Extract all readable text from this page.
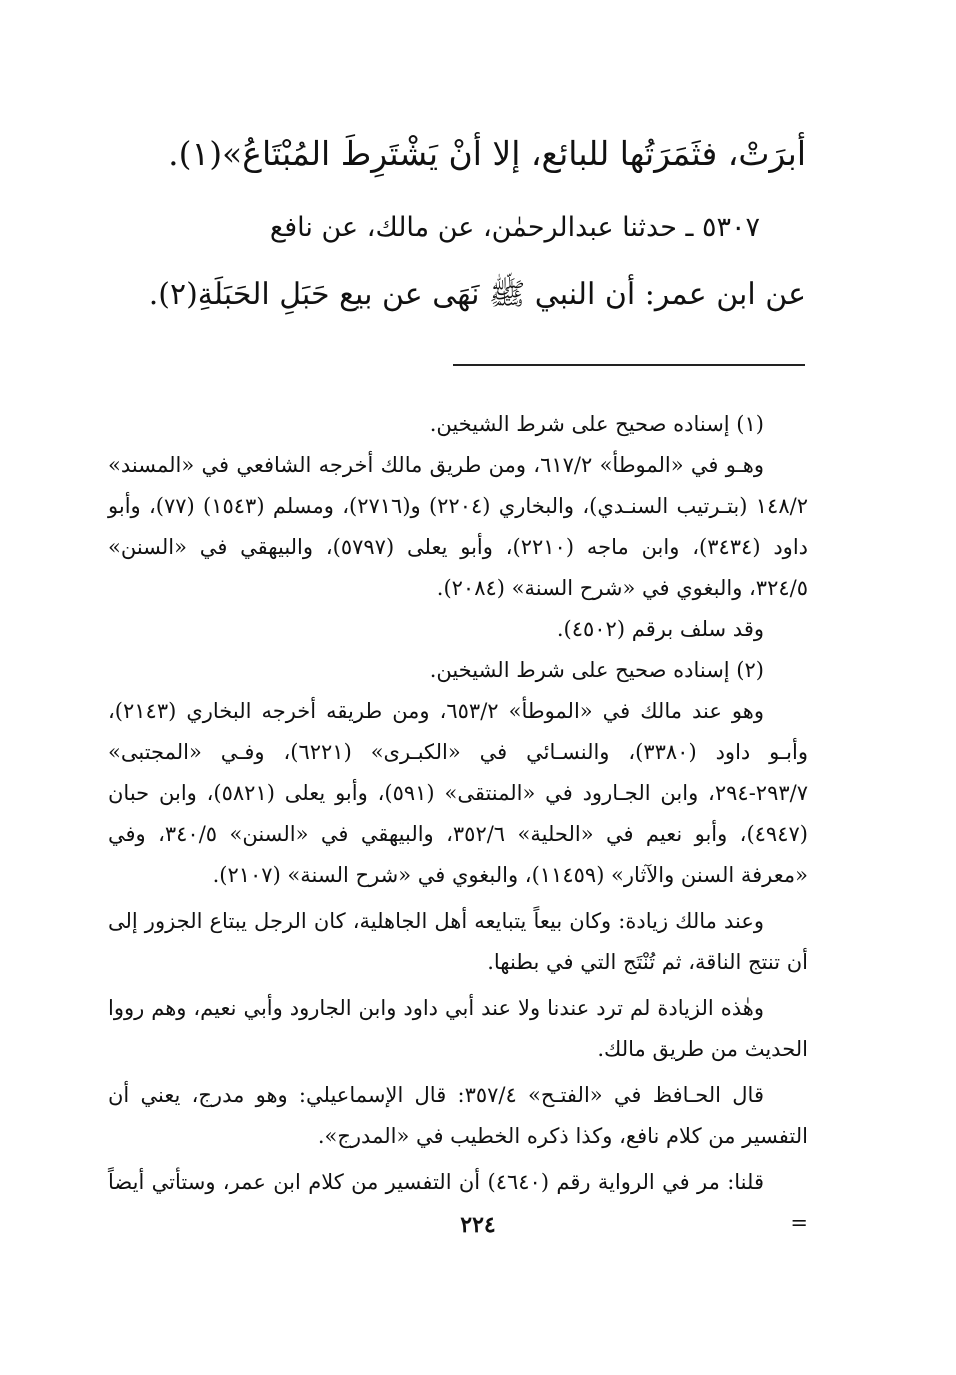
أبرَتْ، فثَمَرَتُها للبائع، إلا أنْ يَشْتَرِطَ المُبْتَاعُ»(١).

٥٣٠٧ ـ حدثنا عبدالرحمٰن، عن مالك، عن نافع

عن ابن عمر: أن النبي ﷺ نَهَى عن بيع حَبَلِ الحَبَلَةِ(٢).

(١) إسناده صحيح على شرط الشيخين.

وهـو في «الموطأ» ٦١٧/٢، ومن طريق مالك أخرجه الشافعي في «المسند» ١٤٨/٢ (بتـرتيب السنـدي)، والبخاري (٢٢٠٤) و(٢٧١٦)، ومسلم (١٥٤٣) (٧٧)، وأبو داود (٣٤٣٤)، وابن ماجه (٢٢١٠)، وأبو يعلى (٥٧٩٧)، والبيهقي في «السنن» ٣٢٤/٥، والبغوي في «شرح السنة» (٢٠٨٤).

وقد سلف برقم (٤٥٠٢).

(٢) إسناده صحيح على شرط الشيخين.

وهو عند مالك في «الموطأ» ٦٥٣/٢، ومن طريقه أخرجه البخاري (٢١٤٣)، وأبـو داود (٣٣٨٠)، والنسـائي في «الكبـرى» (٦٢٢١)، وفـي «المجتبى» ٢٩٣/٧-٢٩٤، وابن الجـارود في «المنتقى» (٥٩١)، وأبو يعلى (٥٨٢١)، وابن حبان (٤٩٤٧)، وأبو نعيم في «الحلية» ٣٥٢/٦، والبيهقي في «السنن» ٣٤٠/٥، وفي «معرفة السنن والآثار» (١١٤٥٩)، والبغوي في «شرح السنة» (٢١٠٧).

وعند مالك زيادة: وكان بيعاً يتبايعه أهل الجاهلية، كان الرجل يبتاع الجزور إلى أن تنتج الناقة، ثم تُنْتَج التي في بطنها.

وهٰذه الزيادة لم ترد عندنا ولا عند أبي داود وابن الجارود وأبي نعيم، وهم رووا الحديث من طريق مالك.

قال الحـافظ في «الفتـح» ٣٥٧/٤: قال الإسماعيلي: وهو مدرج، يعني أن التفسير من كلام نافع، وكذا ذكره الخطيب في «المدرج».

قلنا: مر في الرواية رقم (٤٦٤٠) أن التفسير من كلام ابن عمر، وستأتي أيضاً =

٢٢٤
